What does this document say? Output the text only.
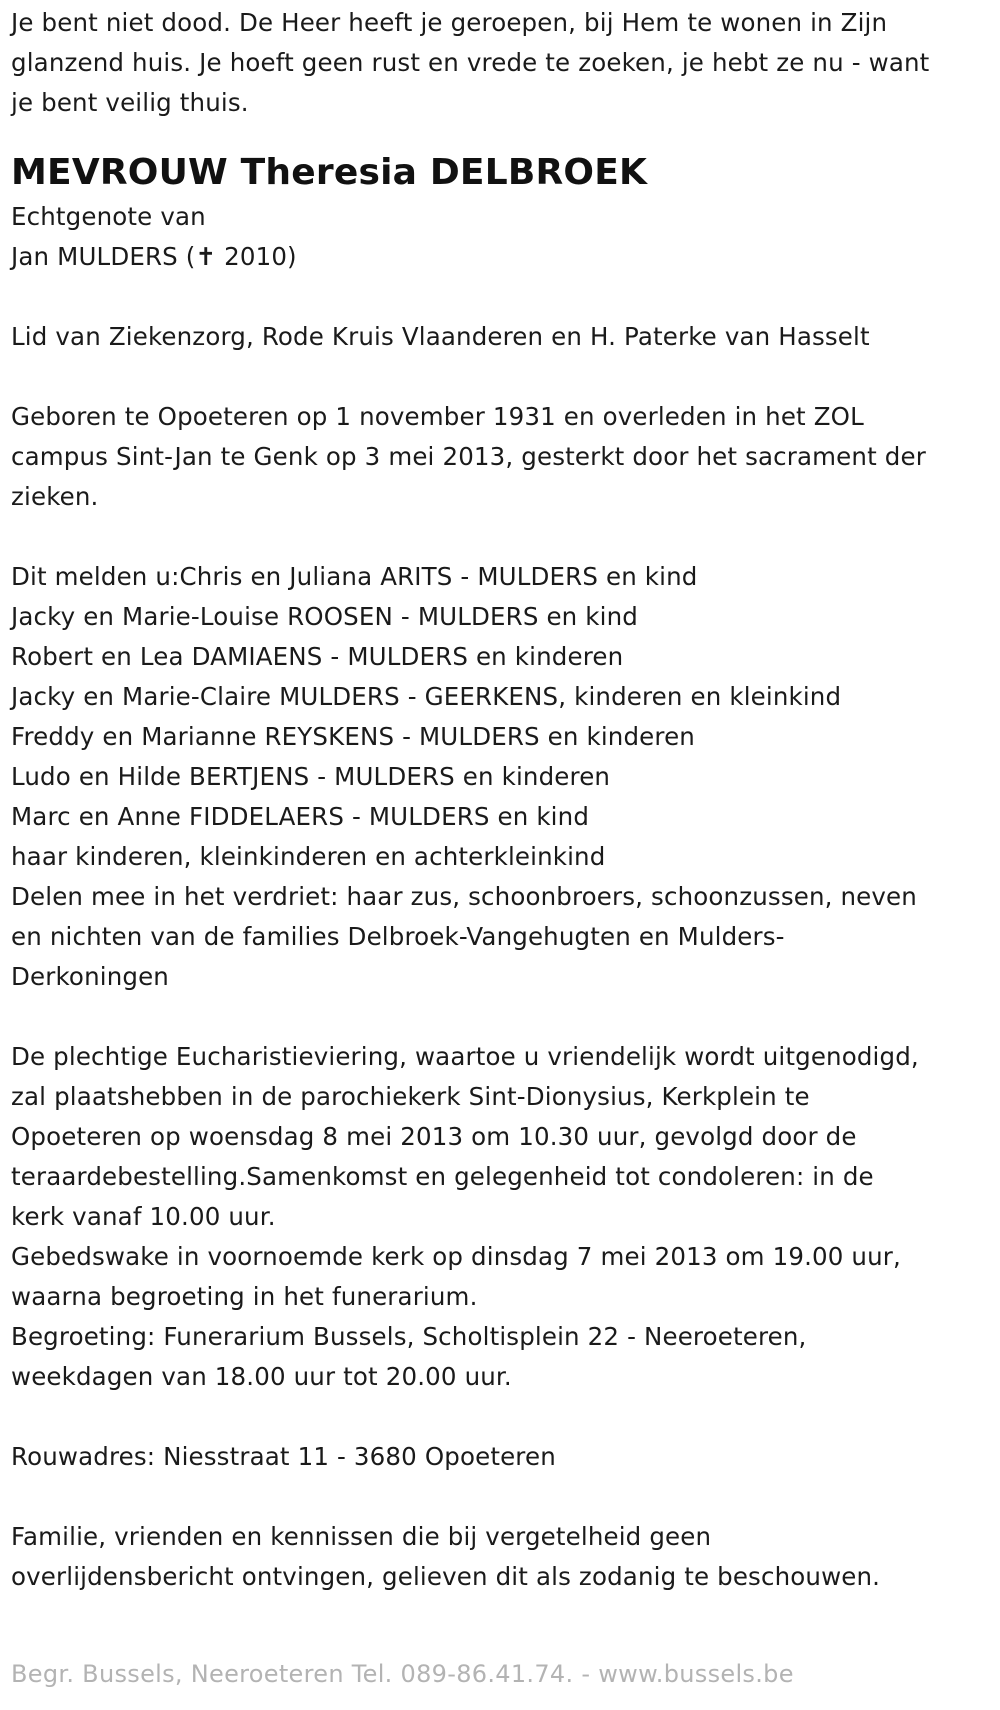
Je bent niet dood. De Heer heeft je geroepen, bij Hem te wonen in Zijn
glanzend huis. Je hoeft geen rust en vrede te zoeken, je hebt ze nu - want
je bent veilig thuis.
MEVROUW Theresia DELBROEK
Echtgenote van
Jan MULDERS (✝ 2010)
Lid van Ziekenzorg, Rode Kruis Vlaanderen en H. Paterke van Hasselt
Geboren te Opoeteren op 1 november 1931 en overleden in het ZOL
campus Sint-Jan te Genk op 3 mei 2013, gesterkt door het sacrament der
zieken.
Dit melden u:Chris en Juliana ARITS - MULDERS en kind
Jacky en Marie-Louise ROOSEN - MULDERS en kind
Robert en Lea DAMIAENS - MULDERS en kinderen
Jacky en Marie-Claire MULDERS - GEERKENS, kinderen en kleinkind
Freddy en Marianne REYSKENS - MULDERS en kinderen
Ludo en Hilde BERTJENS - MULDERS en kinderen
Marc en Anne FIDDELAERS - MULDERS en kind
haar kinderen, kleinkinderen en achterkleinkind
Delen mee in het verdriet: haar zus, schoonbroers, schoonzussen, neven
en nichten van de families Delbroek-Vangehugten en Mulders-
Derkoningen
De plechtige Eucharistieviering, waartoe u vriendelijk wordt uitgenodigd,
zal plaatshebben in de parochiekerk Sint-Dionysius, Kerkplein te
Opoeteren op woensdag 8 mei 2013 om 10.30 uur, gevolgd door de
teraardebestelling.Samenkomst en gelegenheid tot condoleren: in de
kerk vanaf 10.00 uur.
Gebedswake in voornoemde kerk op dinsdag 7 mei 2013 om 19.00 uur,
waarna begroeting in het funerarium.
Begroeting: Funerarium Bussels, Scholtisplein 22 - Neeroeteren,
weekdagen van 18.00 uur tot 20.00 uur.
Rouwadres: Niesstraat 11 - 3680 Opoeteren
Familie, vrienden en kennissen die bij vergetelheid geen
overlijdensbericht ontvingen, gelieven dit als zodanig te beschouwen.
Begr. Bussels, Neeroeteren Tel. 089-86.41.74. - www.bussels.be
